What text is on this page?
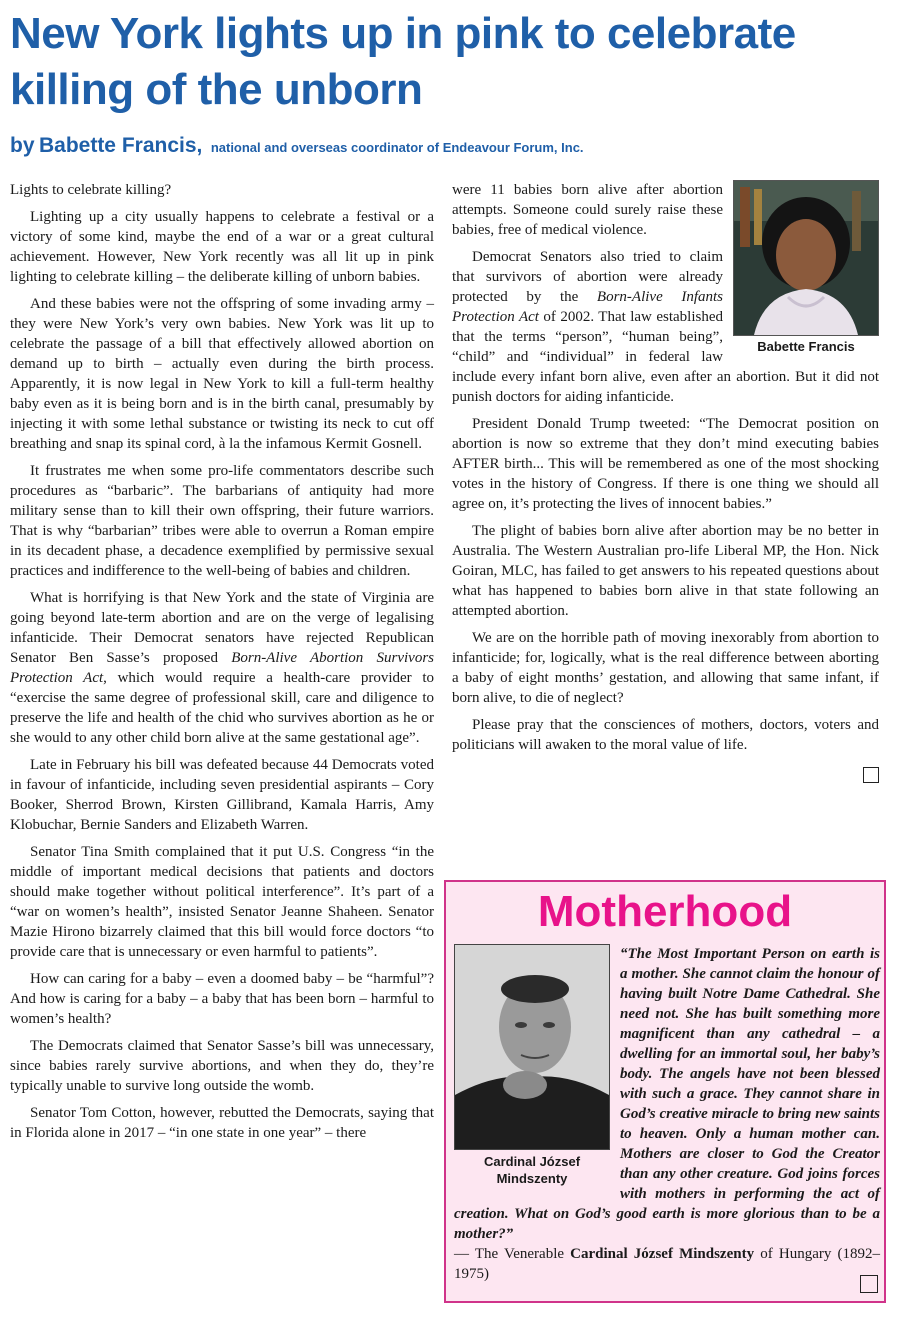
New York lights up in pink to celebrate killing of the unborn
by Babette Francis, national and overseas coordinator of Endeavour Forum, Inc.

Lights to celebrate killing?

Lighting up a city usually happens to celebrate a festival or a victory of some kind, maybe the end of a war or a great cultural achievement. However, New York recently was all lit up in pink lighting to celebrate killing – the deliberate killing of unborn babies.

And these babies were not the offspring of some invading army – they were New York’s very own babies. New York was lit up to celebrate the passage of a bill that effectively allowed abortion on demand up to birth – actually even during the birth process. Apparently, it is now legal in New York to kill a full-term healthy baby even as it is being born and is in the birth canal, presumably by injecting it with some lethal substance or twisting its neck to cut off breathing and snap its spinal cord, à la the infamous Kermit Gosnell.

It frustrates me when some pro-life commentators describe such procedures as “barbaric”. The barbarians of antiquity had more military sense than to kill their own offspring, their future warriors. That is why “barbarian” tribes were able to overrun a Roman empire in its decadent phase, a decadence exemplified by permissive sexual practices and indifference to the well-being of babies and children.

What is horrifying is that New York and the state of Virginia are going beyond late-term abortion and are on the verge of legalising infanticide. Their Democrat senators have rejected Republican Senator Ben Sasse’s proposed Born-Alive Abortion Survivors Protection Act, which would require a health-care provider to “exercise the same degree of professional skill, care and diligence to preserve the life and health of the chid who survives abortion as he or she would to any other child born alive at the same gestational age”.

Late in February his bill was defeated because 44 Democrats voted in favour of infanticide, including seven presidential aspirants – Cory Booker, Sherrod Brown, Kirsten Gillibrand, Kamala Harris, Amy Klobuchar, Bernie Sanders and Elizabeth Warren.

Senator Tina Smith complained that it put U.S. Congress “in the middle of important medical decisions that patients and doctors should make together without political interference”. It’s part of a “war on women’s health”, insisted Senator Jeanne Shaheen. Senator Mazie Hirono bizarrely claimed that this bill would force doctors “to provide care that is unnecessary or even harmful to patients”.

How can caring for a baby – even a doomed baby – be “harmful”? And how is caring for a baby – a baby that has been born – harmful to women’s health?

The Democrats claimed that Senator Sasse’s bill was unnecessary, since babies rarely survive abortions, and when they do, they’re typically unable to survive long outside the womb.

Senator Tom Cotton, however, rebutted the Democrats, saying that in Florida alone in 2017 – “in one state in one year” – there

Babette Francis

were 11 babies born alive after abortion attempts. Someone could surely raise these babies, free of medical violence.

Democrat Senators also tried to claim that survivors of abortion were already protected by the Born-Alive Infants Protection Act of 2002. That law established that the terms “person”, “human being”, “child” and “individual” in federal law include every infant born alive, even after an abortion. But it did not punish doctors for aiding infanticide.

President Donald Trump tweeted: “The Democrat position on abortion is now so extreme that they don’t mind executing babies AFTER birth... This will be remembered as one of the most shocking votes in the history of Congress. If there is one thing we should all agree on, it’s protecting the lives of innocent babies.”

The plight of babies born alive after abortion may be no better in Australia. The Western Australian pro-life Liberal MP, the Hon. Nick Goiran, MLC, has failed to get answers to his repeated questions about what has happened to babies born alive in that state following an attempted abortion.

We are on the horrible path of moving inexorably from abortion to infanticide; for, logically, what is the real difference between aborting a baby of eight months’ gestation, and allowing that same infant, if born alive, to die of neglect?

Please pray that the consciences of mothers, doctors, voters and politicians will awaken to the moral value of life.

Motherhood
Cardinal József Mindszenty

“The Most Important Person on earth is a mother. She cannot claim the honour of having built Notre Dame Cathedral. She need not. She has built something more magnificent than any cathedral – a dwelling for an immortal soul, her baby’s body. The angels have not been blessed with such a grace. They cannot share in God’s creative miracle to bring new saints to heaven. Only a human mother can. Mothers are closer to God the Creator than any other creature. God joins forces with mothers in performing the act of creation. What on God’s good earth is more glorious than to be a mother?”

— The Venerable Cardinal József Mindszenty of Hungary (1892–1975)
